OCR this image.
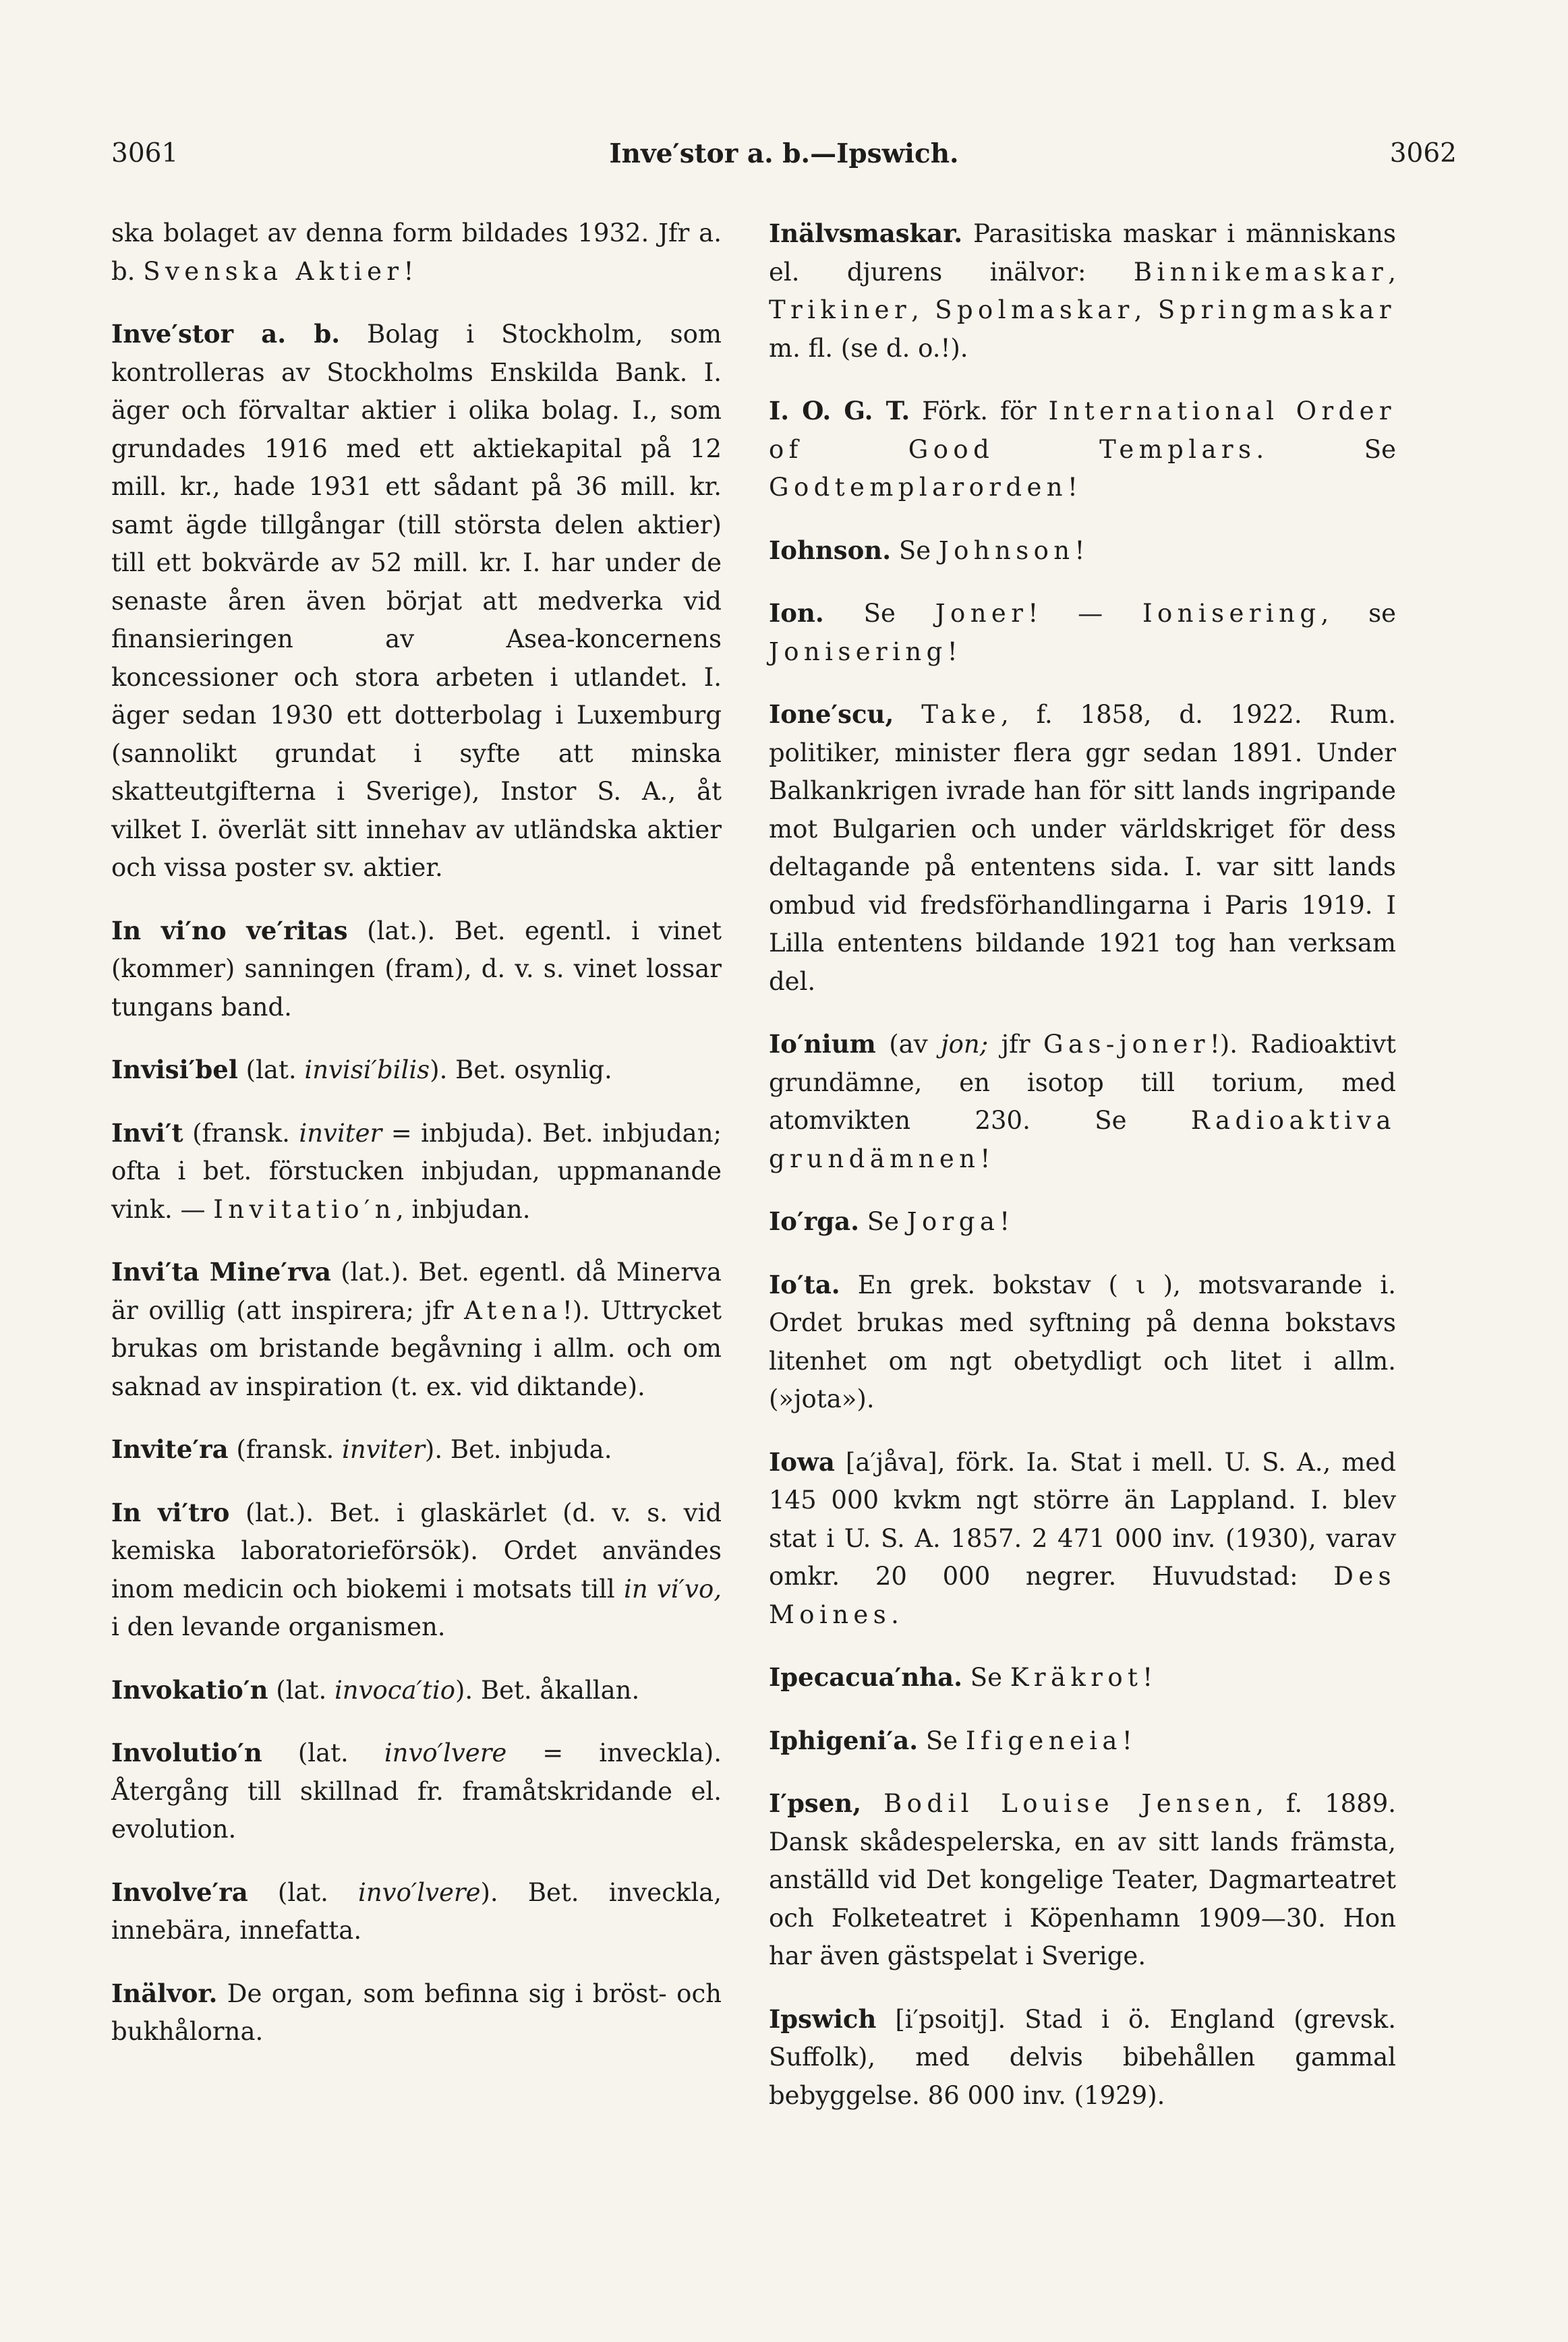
3061	Inve′stor a. b.—Ipswich.	3062

ska bolaget av denna form bildades 1932. Jfr a. b. Svenska Aktier!

Inve′stor a. b. Bolag i Stockholm, som kontrolleras av Stockholms Enskilda Bank. I. äger och förvaltar aktier i olika bolag. I., som grundades 1916 med ett aktiekapital på 12 mill. kr., hade 1931 ett sådant på 36 mill. kr. samt ägde tillgångar (till största delen aktier) till ett bokvärde av 52 mill. kr. I. har under de senaste åren även börjat att medverka vid finansieringen av Asea-koncernens koncessioner och stora arbeten i utlandet. I. äger sedan 1930 ett dotterbolag i Luxemburg (sannolikt grundat i syfte att minska skatteutgifterna i Sverige), Instor S. A., åt vilket I. överlät sitt innehav av utländska aktier och vissa poster sv. aktier.

In vi′no ve′ritas (lat.). Bet. egentl. i vinet (kommer) sanningen (fram), d. v. s. vinet lossar tungans band.

Invisi′bel (lat. invisi′bilis). Bet. osynlig.

Invi′t (fransk. inviter = inbjuda). Bet. inbjudan; ofta i bet. förstucken inbjudan, uppmanande vink. — Invitatio′n, inbjudan.

Invi′ta Mine′rva (lat.). Bet. egentl. då Minerva är ovillig (att inspirera; jfr Atena!). Uttrycket brukas om bristande begåvning i allm. och om saknad av inspiration (t. ex. vid diktande).

Invite′ra (fransk. inviter). Bet. inbjuda.

In vi′tro (lat.). Bet. i glaskärlet (d. v. s. vid kemiska laboratorieförsök). Ordet användes inom medicin och biokemi i motsats till in vi′vo, i den levande organismen.

Invokatio′n (lat. invoca′tio). Bet. åkallan.

Involutio′n (lat. invo′lvere = inveckla). Återgång till skillnad fr. framåtskridande el. evolution.

Involve′ra (lat. invo′lvere). Bet. inveckla, innebära, innefatta.

Inälvor. De organ, som befinna sig i bröst- och bukhålorna.

Inälvsmaskar. Parasitiska maskar i människans el. djurens inälvor: Binnikemaskar, Trikiner, Spolmaskar, Springmaskar m. fl. (se d. o.!).

I. O. G. T. Förk. för International Order of Good Templars. Se Godtemplarorden!

Iohnson. Se Johnson!

Ion. Se Joner! — Ionisering, se Jonisering!

Ione′scu, Take, f. 1858, d. 1922. Rum. politiker, minister flera ggr sedan 1891. Under Balkankrigen ivrade han för sitt lands ingripande mot Bulgarien och under världskriget för dess deltagande på ententens sida. I. var sitt lands ombud vid fredsförhandlingarna i Paris 1919. I Lilla ententens bildande 1921 tog han verksam del.

Io′nium (av jon; jfr Gas-joner!). Radioaktivt grundämne, en isotop till torium, med atomvikten 230. Se Radioaktiva grundämnen!

Io′rga. Se Jorga!

Io′ta. En grek. bokstav ( ι ), motsvarande i. Ordet brukas med syftning på denna bokstavs litenhet om ngt obetydligt och litet i allm. (»jota»).

Iowa [a′jåva], förk. Ia. Stat i mell. U. S. A., med 145 000 kvkm ngt större än Lappland. I. blev stat i U. S. A. 1857. 2 471 000 inv. (1930), varav omkr. 20 000 negrer. Huvudstad: Des Moines.

Ipecacua′nha. Se Kräkrot!

Iphigeni′a. Se Ifigeneia!

I′psen, Bodil Louise Jensen, f. 1889. Dansk skådespelerska, en av sitt lands främsta, anställd vid Det kongelige Teater, Dagmarteatret och Folketeatret i Köpenhamn 1909—30. Hon har även gästspelat i Sverige.

Ipswich [i′psoitj]. Stad i ö. England (grevsk. Suffolk), med delvis bibehållen gammal bebyggelse. 86 000 inv. (1929).
